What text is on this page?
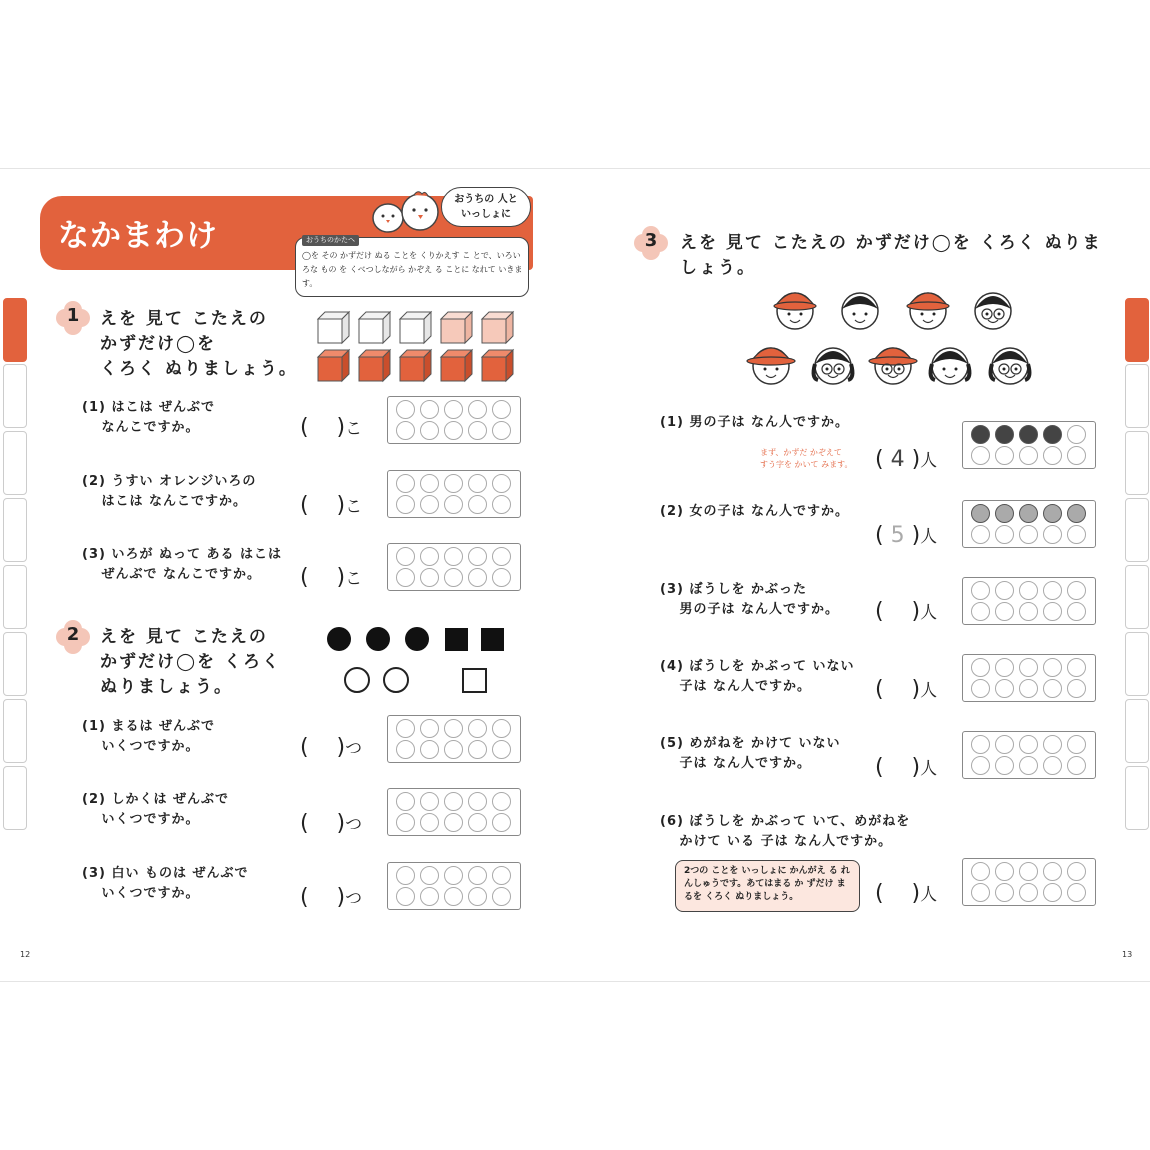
なかまわけ
おうちの 人と
いっしょに
おうちのかたへ
◯を その かずだけ ぬる ことを くりかえす こ とで、いろいろな もの を くべつしながら かぞえ る ことに なれて いきます。
1	えを 見て こたえの
かずだけ◯を
くろく ぬりましょう。
(1) はこは ぜんぶで
　 なんこですか。	(    )こ
(2) うすい オレンジいろの
　 はこは なんこですか。	(    )こ
(3) いろが ぬって ある はこは
　 ぜんぶで なんこですか。	(    )こ
2	えを 見て こたえの
かずだけ◯を くろく
ぬりましょう。
(1) まるは ぜんぶで
　 いくつですか。	(    )つ
(2) しかくは ぜんぶで
　 いくつですか。	(    )つ
(3) 白い ものは ぜんぶで
　 いくつですか。	(    )つ
12
3	えを 見て こたえの かずだけ◯を くろく ぬりま
しょう。
(1) 男の子は なん人ですか。
まず、かずだ かぞえて
すう字を かいて みます。 ( 4 )人
(2) 女の子は なん人ですか。
( 5 )人
(3) ぼうしを かぶった
　 男の子は なん人ですか。 (    )人
(4) ぼうしを かぶって いない
　 子は なん人ですか。	(    )人
(5) めがねを かけて いない
　 子は なん人ですか。	(    )人
(6) ぼうしを かぶって いて、めがねを
　 かけて いる 子は なん人ですか。
2つの ことを いっしょに かんがえ る れんしゅうです。あてはまる か ずだけ まるを くろく ぬりましょう。	(    )人
13
